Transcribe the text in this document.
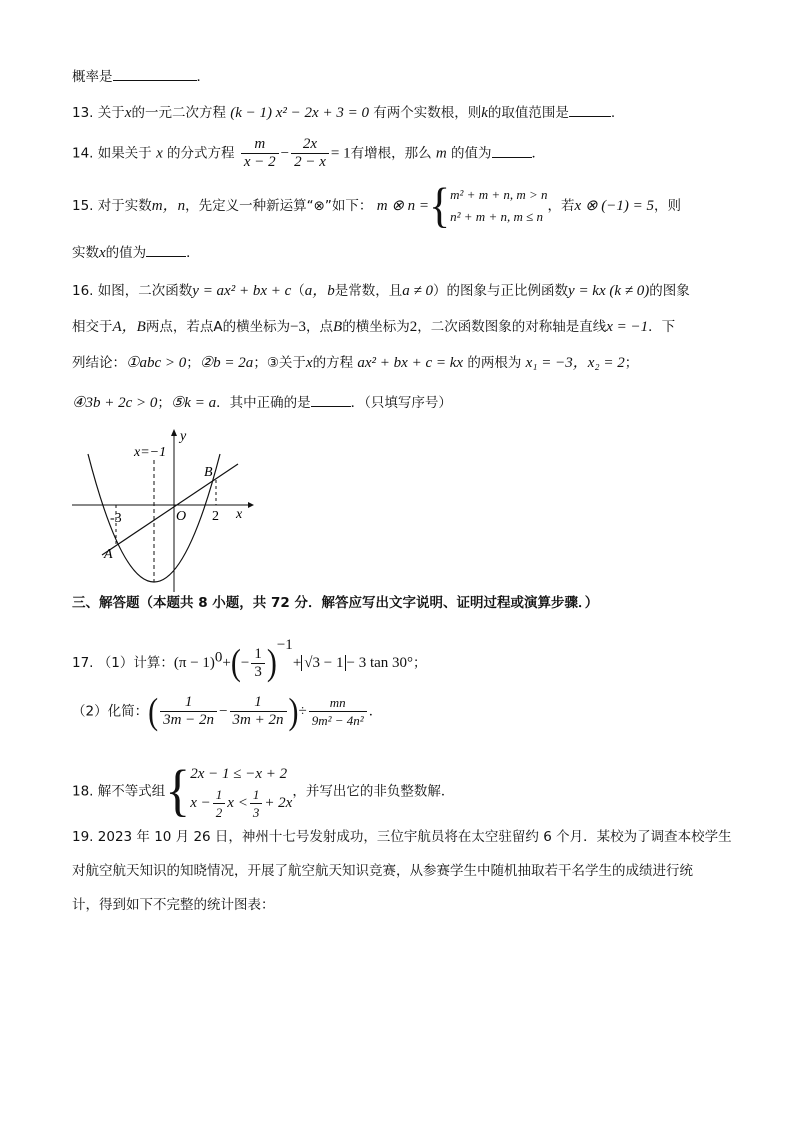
概率是	．
13. 关于x的一元二次方程 (k − 1) x² − 2x + 3 = 0 有两个实数根，则k的取值范围是	.
14. 如果关于 x 的分式方程 $\frac{m}{x - 2} - \frac{2x}{2 - x} = 1$有增根，那么 m 的值为	．
15. 对于实数m，n，先定义一种新运算“⊗”如下： m ⊗ n ={ m² + m + n, m > n
n² + m + n, m ≤ n
，若x ⊗ (−1) = 5，则
实数x的值为	．
16. 如图，二次函数y = ax² + bx + c（a，b是常数，且a ≠ 0）的图象与正比例函数y = kx (k ≠ 0)的图象
相交于A，B两点，若点A的横坐标为−3，点B的横坐标为2，二次函数图象的对称轴是直线x = −1．下
列结论：①abc > 0；②b = 2a；③关于x的方程 ax² + bx + c = kx 的两根为 x₁ = −3，x₂ = 2；
④3b + 2c > 0；⑤k = a．其中正确的是	．（只填写序号）
x=−1
y
x
O
B
A
-3	2
三、解答题（本题共 8 小题，共 72 分．解答应写出文字说明、证明过程或演算步骤．）
17. （1）计算：$(\pi - 1)^0+(- \frac{1}{3} )^{-1}+ √3 - 1 - 3$ tan 30°；
（2）化简：( $\frac{1}{3m - 2n} - \frac{1}{3m + 2n}$ )÷ $\frac{mn}{\text{9m² − 4n²}}$ ．
18. 解不等式组{ 2x − 1 ≤ −x + 2
$x - \frac{1}{2}$ $x < \frac{1}{3} + 2x$
，并写出它的非负整数解．
19. 2023 年 10 月 26 日，神州十七号发射成功，三位宇航员将在太空驻留约 6 个月．某校为了调查本校学生
对航空航天知识的知晓情况，开展了航空航天知识竞赛，从参赛学生中随机抽取若干名学生的成绩进行统
计，得到如下不完整的统计图表：
